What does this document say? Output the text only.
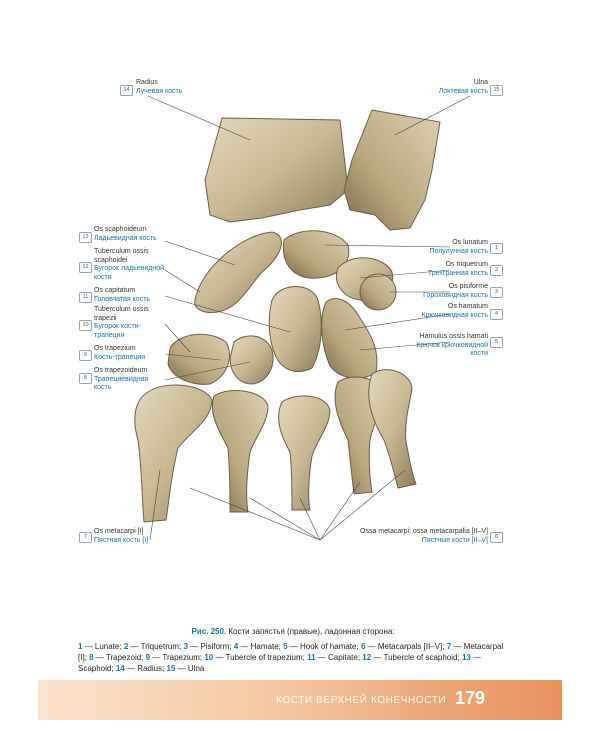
14
Radius
Лучевая кость
13
Os scaphoideum
Ладьевидная кость
12
Tuberculum ossis scaphoidei
Бугорок ладьевидной кости
11
Os capitatum
Головчатая кость
10
Tuberculum ossis trapezii
Бугорок кости-трапеции
9
Os trapezium
Кость-трапеция
8
Os trapezoideum
Трапециевидная кость
7
Os metacarpi [I]
Пястная кость [I]
Ulna
Локтевая кость 15
Os lunatum
Полулунная кость	1
Os triquetrum
Трехгранная кость	2
Os pisiforme
Гороховидная кость	3
Os hamatum
Крючковидная кость	4
Hamulus ossis hamati
Крючок крючковидной кости
5
Ossa metacarpi; ossa metacarpalia [II–V]
Пястные кости [II–V]	6
Рис. 250. Кости запястья (правые), ладонная сторона:
1 — Lunate; 2 — Triquetrum; 3 — Pisiform; 4 — Hamate; 5 — Hook of hamate; 6 — Metacarpals [II–V]; 7 — Metacarpal [I]; 8 — Trapezoid; 9 — Trapezium; 10 — Tubercle of trapezium; 11 — Capitate; 12 — Tubercle of scaphoid; 13 — Scaphoid; 14 — Radius; 15 — Ulna
КОСТИ ВЕРХНЕЙ КОНЕЧНОСТИ 179
